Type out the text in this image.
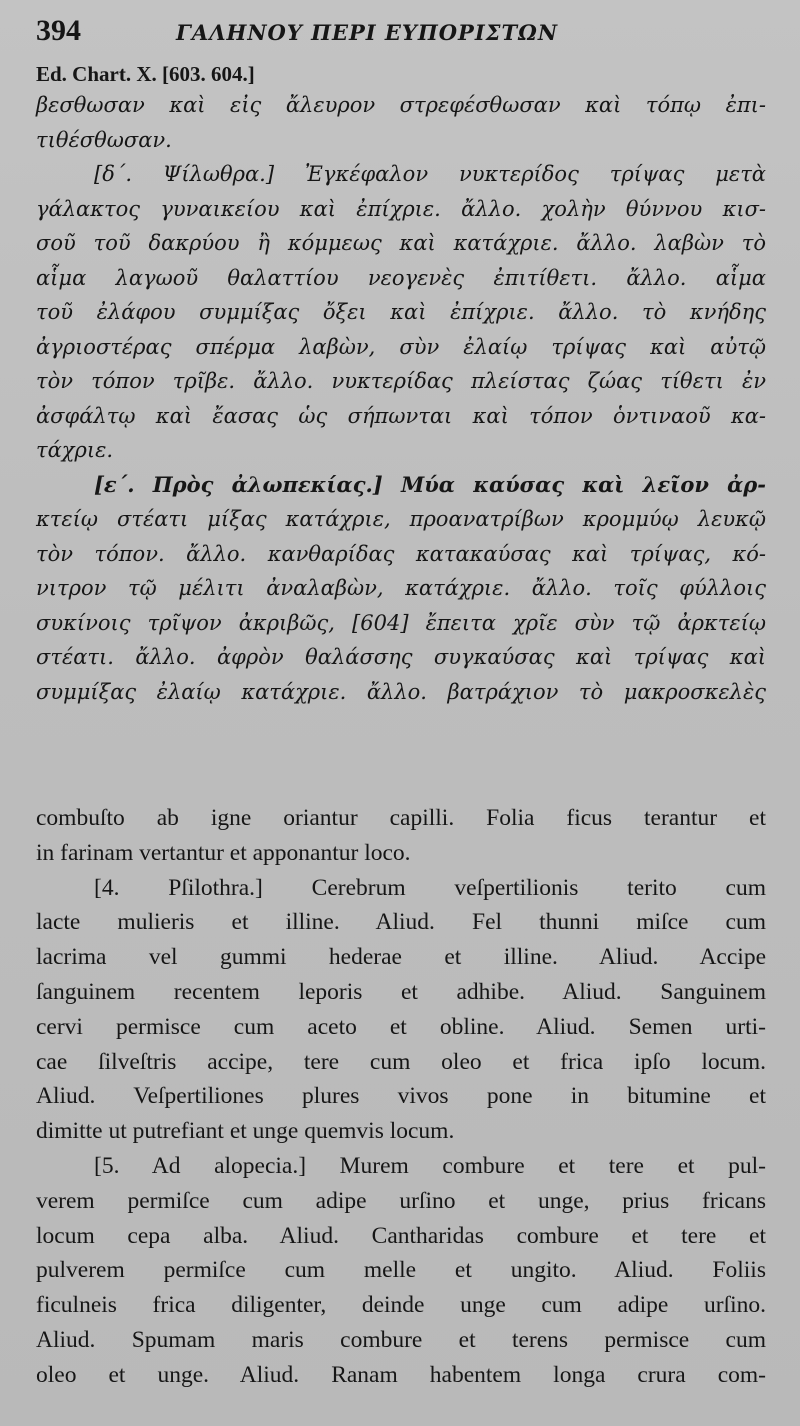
394	ΓΑΛΗΝΟΥ ΠΕΡΙ ΕΥΠΟΡΙΣΤΩΝ
Ed. Chart. X. [603. 604.]
βεσθωσαν καὶ εἰς ἄλευρον στρεφέσθωσαν καὶ τόπῳ ἐπι-
τιθέσθωσαν.
[δ΄. Ψίλωθρα.] Ἐγκέφαλον νυκτερίδος τρίψας μετὰ
γάλακτος γυναικείου καὶ ἐπίχριε. ἄλλο. χολὴν θύννου κισ-
σοῦ τοῦ δακρύου ἢ κόμμεως καὶ κατάχριε. ἄλλο. λαβὼν τὸ
αἷμα λαγωοῦ θαλαττίου νεογενὲς ἐπιτίθετι. ἄλλο. αἷμα
τοῦ ἐλάφου συμμίξας ὄξει καὶ ἐπίχριε. ἄλλο. τὸ κνήδης
ἀγριοστέρας σπέρμα λαβὼν, σὺν ἐλαίῳ τρίψας καὶ αὐτῷ
τὸν τόπον τρῖβε. ἄλλο. νυκτερίδας πλείστας ζώας τίθετι ἐν
ἀσφάλτῳ καὶ ἔασας ὡς σήπωνται καὶ τόπον ὁντιναοῦ κα-
τάχριε.
[ε΄. Πρὸς ἀλωπεκίας.] Μύα καύσας καὶ λεῖον ἀρ-
κτείῳ στέατι μίξας κατάχριε, προανατρίβων κρομμύῳ λευκῷ
τὸν τόπον. ἄλλο. κανθαρίδας κατακαύσας καὶ τρίψας, κό-
νιτρον τῷ μέλιτι ἀναλαβὼν, κατάχριε. ἄλλο. τοῖς φύλλοις
συκίνοις τρῖψον ἀκριβῶς, [604] ἔπειτα χρῖε σὺν τῷ ἀρκτείῳ
στέατι. ἄλλο. ἀφρὸν θαλάσσης συγκαύσας καὶ τρίψας καὶ
συμμίξας ἐλαίῳ κατάχριε. ἄλλο. βατράχιον τὸ μακροσκελὲς
combuſto ab igne oriantur capilli. Folia ficus terantur et
in farinam vertantur et apponantur loco.
[4. Pſilothra.] Cerebrum veſpertilionis terito cum
lacte mulieris et illine. Aliud. Fel thunni miſce cum
lacrima vel gummi hederae et illine. Aliud. Accipe
ſanguinem recentem leporis et adhibe. Aliud. Sanguinem
cervi permisce cum aceto et obline. Aliud. Semen urti-
cae ſilveſtris accipe, tere cum oleo et frica ipſo locum.
Aliud. Veſpertiliones plures vivos pone in bitumine et
dimitte ut putrefiant et unge quemvis locum.
[5. Ad alopecia.] Murem combure et tere et pul-
verem permiſce cum adipe urſino et unge, prius fricans
locum cepa alba. Aliud. Cantharidas combure et tere et
pulverem permiſce cum melle et ungito. Aliud. Foliis
ficulneis frica diligenter, deinde unge cum adipe urſino.
Aliud. Spumam maris combure et terens permisce cum
oleo et unge. Aliud. Ranam habentem longa crura com-
